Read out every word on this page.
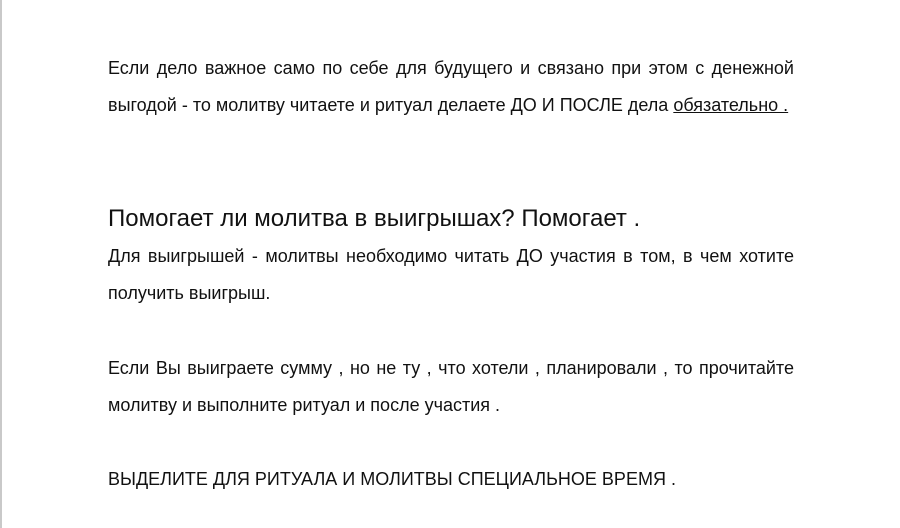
Если дело важное само по себе для будущего и связано при этом с денежной выгодой - то молитву читаете и ритуал делаете ДО И ПОСЛЕ дела обязательно .

Помогает ли молитва в выигрышах? Помогает .

Для выигрышей - молитвы необходимо читать ДО участия в том, в чем хотите получить выигрыш.

Если Вы выиграете сумму , но не ту , что хотели , планировали , то прочитайте молитву и выполните ритуал и после участия .

ВЫДЕЛИТЕ ДЛЯ РИТУАЛА И МОЛИТВЫ СПЕЦИАЛЬНОЕ ВРЕМЯ .
